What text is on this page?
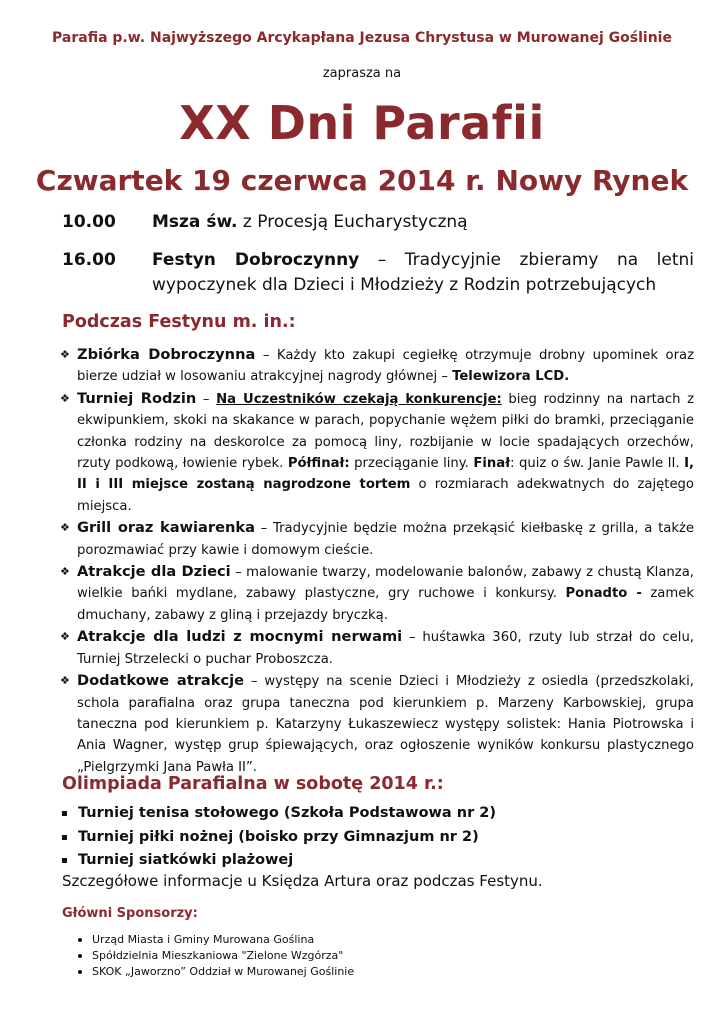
Parafia p.w. Najwyższego Arcykapłana Jezusa Chrystusa w Murowanej Goślinie
zaprasza na
XX Dni Parafii
Czwartek 19 czerwca 2014 r. Nowy Rynek
10.00	Msza św. z Procesją Eucharystyczną
16.00	Festyn Dobroczynny – Tradycyjnie zbieramy na letni wypoczynek dla Dzieci i Młodzieży z Rodzin potrzebujących
Podczas Festynu m. in.:
❖ Zbiórka Dobroczynna – Każdy kto zakupi cegiełkę otrzymuje drobny upominek oraz bierze udział w losowaniu atrakcyjnej nagrody głównej – Telewizora LCD.
❖ Turniej Rodzin – Na Uczestników czekają konkurencje: bieg rodzinny na nartach z ekwipunkiem, skoki na skakance w parach, popychanie wężem piłki do bramki, przeciąganie członka rodziny na deskorolce za pomocą liny, rozbijanie w locie spadających orzechów, rzuty podkową, łowienie rybek. Półfinał: przeciąganie liny. Finał: quiz o św. Janie Pawle II. I, II i III miejsce zostaną nagrodzone tortem o rozmiarach adekwatnych do zajętego miejsca.
❖ Grill oraz kawiarenka – Tradycyjnie będzie można przekąsić kiełbaskę z grilla, a także porozmawiać przy kawie i domowym cieście.
❖ Atrakcje dla Dzieci – malowanie twarzy, modelowanie balonów, zabawy z chustą Klanza, wielkie bańki mydlane, zabawy plastyczne, gry ruchowe i konkursy. Ponadto - zamek dmuchany, zabawy z gliną i przejazdy bryczką.
❖ Atrakcje dla ludzi z mocnymi nerwami – huśtawka 360, rzuty lub strzał do celu, Turniej Strzelecki o puchar Proboszcza.
❖ Dodatkowe atrakcje – występy na scenie Dzieci i Młodzieży z osiedla (przedszkolaki, schola parafialna oraz grupa taneczna pod kierunkiem p. Marzeny Karbowskiej, grupa taneczna pod kierunkiem p. Katarzyny Łukaszewiecz występy solistek: Hania Piotrowska i Ania Wagner, występ grup śpiewających, oraz ogłoszenie wyników konkursu plastycznego „Pielgrzymki Jana Pawła II”.
Olimpiada Parafialna w sobotę 2014 r.:
Turniej tenisa stołowego (Szkoła Podstawowa nr 2)
Turniej piłki nożnej (boisko przy Gimnazjum nr 2)
Turniej siatkówki plażowej
Szczegółowe informacje u Księdza Artura oraz podczas Festynu.
Główni Sponsorzy:
Urząd Miasta i Gminy Murowana Goślina
Spółdzielnia Mieszkaniowa "Zielone Wzgórza"
SKOK „Jaworzno” Oddział w Murowanej Goślinie
